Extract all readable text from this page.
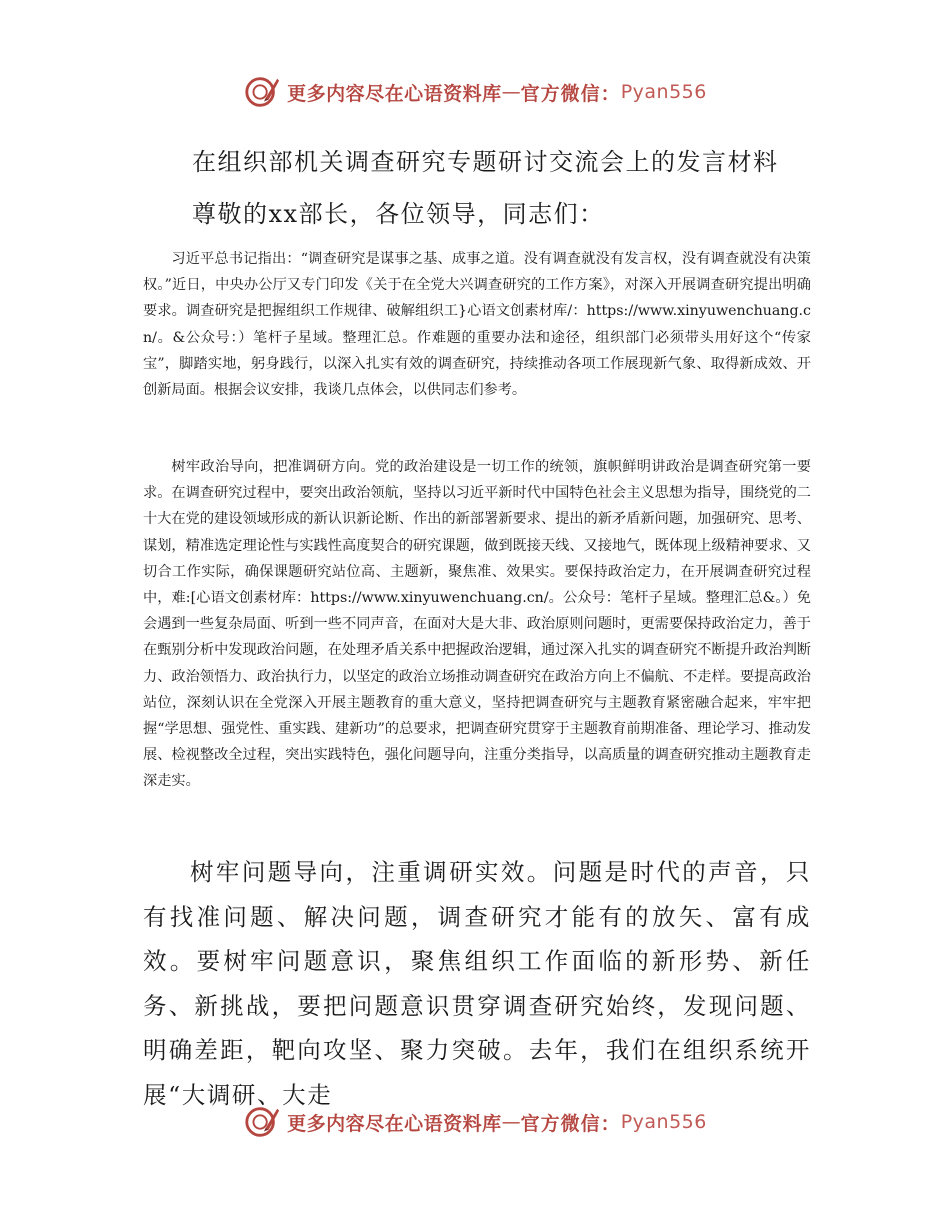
更多内容尽在心语资料库 — 官方微信： Pyan556
在组织部机关调查研究专题研讨交流会上的发言材料

尊敬的xx部长，各位领导，同志们：

习近平总书记指出：“调查研究是谋事之基、成事之道。没有调查就没有发言权，没有调查就没有决策权。”近日，中央办公厅又专门印发《关于在全党大兴调查研究的工作方案》，对深入开展调查研究提出明确要求。调查研究是把握组织工作规律、破解组织工}心语文创素材库/：https://www.xinyuwenchuang.cn/。&公众号：）笔杆子星域。整理汇总。作难题的重要办法和途径，组织部门必须带头用好这个“传家宝”，脚踏实地，躬身践行，以深入扎实有效的调查研究，持续推动各项工作展现新气象、取得新成效、开创新局面。根据会议安排，我谈几点体会，以供同志们参考。

树牢政治导向，把准调研方向。党的政治建设是一切工作的统领，旗帜鲜明讲政治是调查研究第一要求。在调查研究过程中，要突出政治领航，坚持以习近平新时代中国特色社会主义思想为指导，围绕党的二十大在党的建设领域形成的新认识新论断、作出的新部署新要求、提出的新矛盾新问题，加强研究、思考、谋划，精准选定理论性与实践性高度契合的研究课题，做到既接天线、又接地气，既体现上级精神要求、又切合工作实际，确保课题研究站位高、主题新，聚焦准、效果实。要保持政治定力，在开展调查研究过程中，难:[心语文创素材库：https://www.xinyuwenchuang.cn/。公众号：笔杆子星域。整理汇总&。）免会遇到一些复杂局面、听到一些不同声音，在面对大是大非、政治原则问题时，更需要保持政治定力，善于在甄别分析中发现政治问题，在处理矛盾关系中把握政治逻辑，通过深入扎实的调查研究不断提升政治判断力、政治领悟力、政治执行力，以坚定的政治立场推动调查研究在政治方向上不偏航、不走样。要提高政治站位，深刻认识在全党深入开展主题教育的重大意义，坚持把调查研究与主题教育紧密融合起来，牢牢把握“学思想、强党性、重实践、建新功”的总要求，把调查研究贯穿于主题教育前期准备、理论学习、推动发展、检视整改全过程，突出实践特色，强化问题导向，注重分类指导，以高质量的调查研究推动主题教育走深走实。

树牢问题导向，注重调研实效。问题是时代的声音，只有找准问题、解决问题，调查研究才能有的放矢、富有成效。要树牢问题意识，聚焦组织工作面临的新形势、新任务、新挑战，要把问题意识贯穿调查研究始终，发现问题、明确差距，靶向攻坚、聚力突破。去年，我们在组织系统开展“大调研、大走

更多内容尽在心语资料库 — 官方微信： Pyan556
